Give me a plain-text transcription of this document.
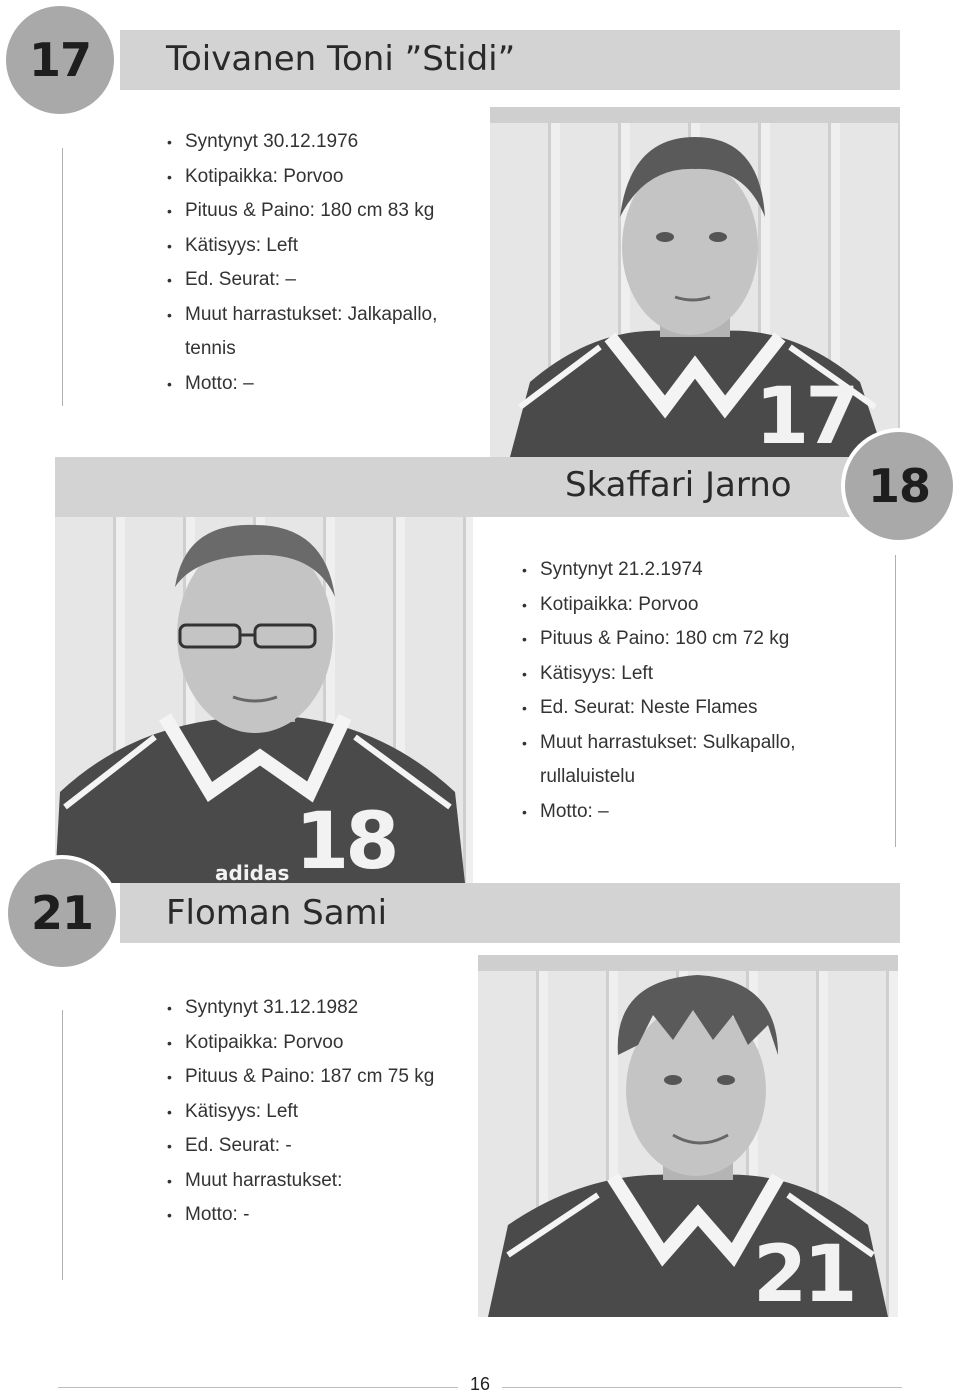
Toivanen Toni ”Stidi”
17
• Syntynyt 30.12.1976
• Kotipaikka: Porvoo
• Pituus & Paino: 180 cm 83 kg
• Kätisyys: Left
• Ed. Seurat: –
• Muut harrastukset: Jalkapallo, tennis
• Motto: –	17
Skaffari Jarno	18
• Syntynyt 21.2.1974
• Kotipaikka: Porvoo
• Pituus & Paino: 180 cm 72 kg
• Kätisyys: Left
• Ed. Seurat: Neste Flames
• Muut harrastukset: Sulkapallo, rullaluistelu
• Motto: –
18
adidas
Floman Sami
21
• Syntynyt 31.12.1982
• Kotipaikka: Porvoo
• Pituus & Paino: 187 cm 75 kg
• Kätisyys: Left
• Ed. Seurat: -
• Muut harrastukset:
• Motto: -
21
16
